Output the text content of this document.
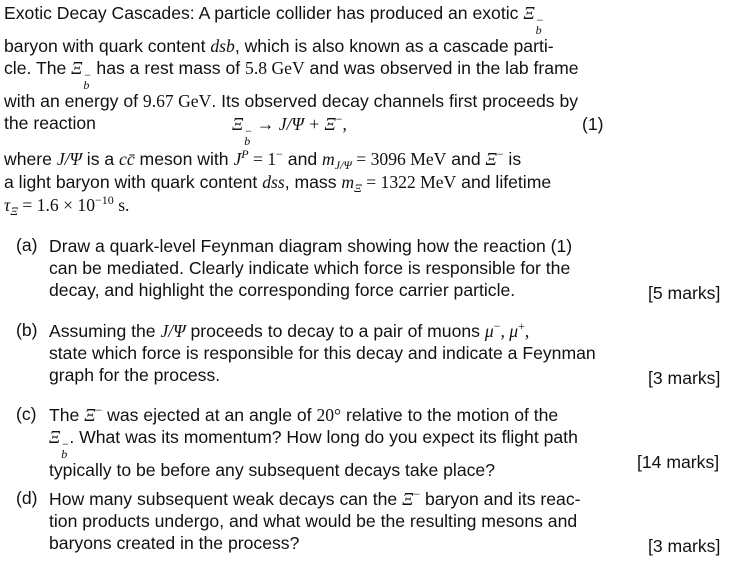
Exotic Decay Cascades: A particle collider has produced an exotic Ξ −
b
baryon with quark content dsb, which is also known as a cascade parti-
cle. The Ξ −
b
has a rest mass of 5.8 GeV and was observed in the lab frame
with an energy of 9.67 GeV. Its observed decay channels first proceeds by
the reaction	Ξ −
b
→ J/Ψ + Ξ−,	(1)
where J/Ψ is a cc̄ meson with $J^P = 1^-$ and $m_{J/\Psi} = 3096$ MeV and Ξ− is
a light baryon with quark content dss, mass $m_\Xi = 1322$ MeV and lifetime
$\tau_\Xi = 1.6 \times 10^{-10}$ s.
(a) Draw a quark-level Feynman diagram showing how the reaction (1)
can be mediated. Clearly indicate which force is responsible for the
decay, and highlight the corresponding force carrier particle.	[5 marks]
(b) Assuming the J/Ψ proceeds to decay to a pair of muons μ−, μ+,
state which force is responsible for this decay and indicate a Feynman
graph for the process.	[3 marks]
(c) The Ξ− was ejected at an angle of 20° relative to the motion of the
Ξ −
b
. What was its momentum? How long do you expect its flight path
typically to be before any subsequent decays take place?	[14 marks]
(d) How many subsequent weak decays can the Ξ− baryon and its reac-
tion products undergo, and what would be the resulting mesons and
baryons created in the process?	[3 marks]
